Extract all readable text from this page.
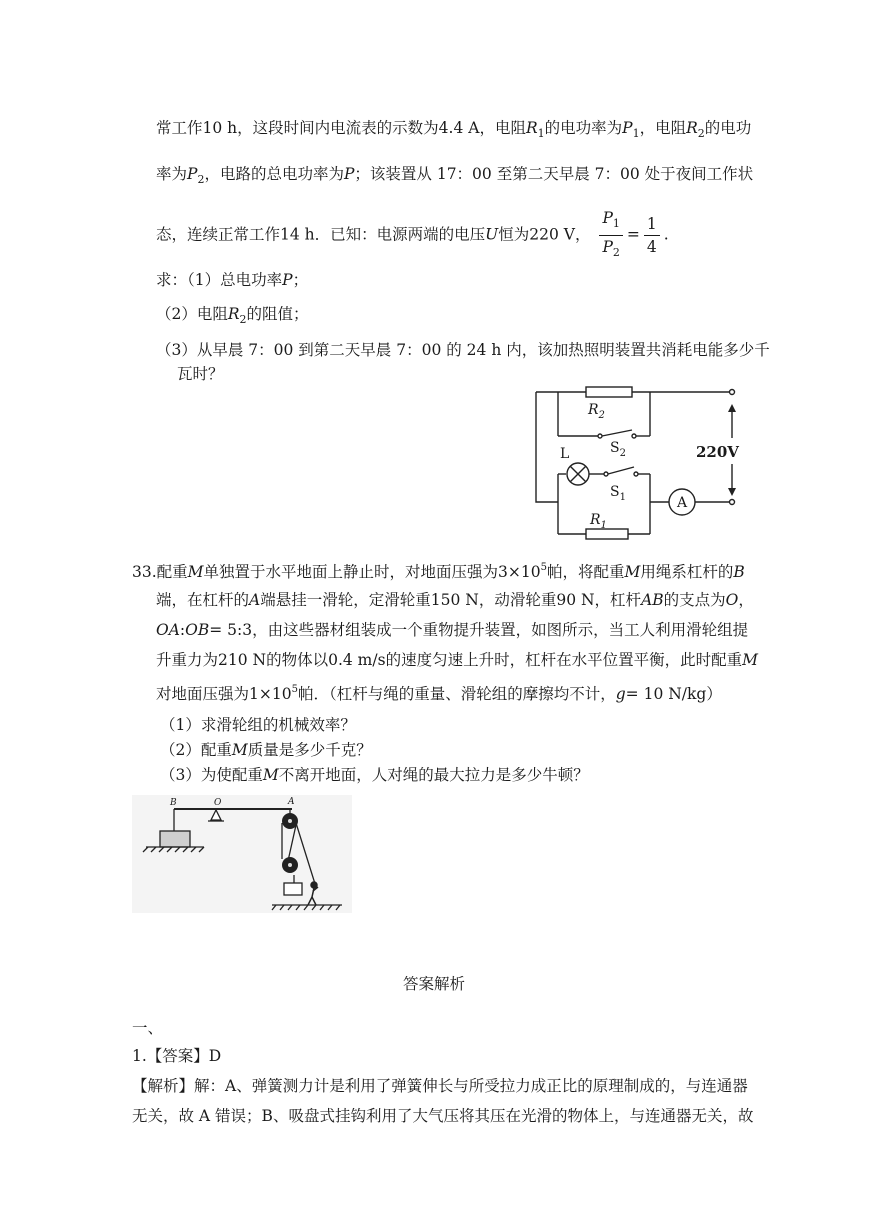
常工作10 h，这段时间内电流表的示数为4.4 A，电阻$R_1$的电功率为$P_1$，电阻$R_2$的电功
率为$P_2$，电路的总电功率为P；该装置从 17：00 至第二天早晨 7：00 处于夜间工作状
态，连续正常工作14 h．已知：电源两端的电压U恒为220 V， $\frac{P_1}{P_2} = \frac{1}{4}$ .
求：（1）总电功率P；
（2）电阻$R_2$的阻值；
（3）从早晨 7：00 到第二天早晨 7：00 的 24 h 内，该加热照明装置共消耗电能多少千
瓦时？
$R_2$
$S_2$
L
$S_1$
$R_1$
A
220V
33.配重M单独置于水平地面上静止时，对地面压强为$3\times 10^5$帕，将配重M用绳系杠杆的B
端，在杠杆的A端悬挂一滑轮，定滑轮重150 N，动滑轮重90 N，杠杆AB的支点为O，
OA:OB= 5:3，由这些器材组装成一个重物提升装置，如图所示，当工人利用滑轮组提
升重力为210 N的物体以0.4 m/s的速度匀速上升时，杠杆在水平位置平衡，此时配重M
对地面压强为$1\times 10^5$帕．（杠杆与绳的重量、滑轮组的摩擦均不计，g= 10 N/kg）
（1）求滑轮组的机械效率？
（2）配重M质量是多少千克？
（3）为使配重M不离开地面，人对绳的最大拉力是多少牛顿？
B	O	A
答案解析
一、
1.【答案】D
【解析】解：A、弹簧测力计是利用了弹簧伸长与所受拉力成正比的原理制成的，与连通器
无关，故 A 错误；B、吸盘式挂钩利用了大气压将其压在光滑的物体上，与连通器无关，故
